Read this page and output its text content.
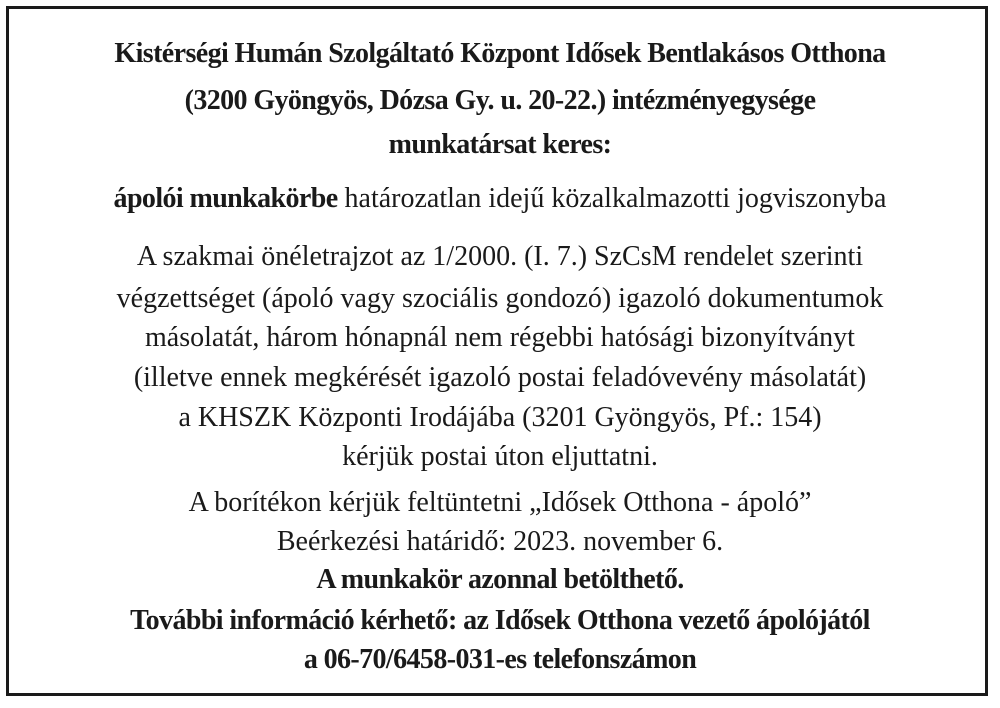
Kistérségi Humán Szolgáltató Központ Idősek Bentlakásos Otthona
(3200 Gyöngyös, Dózsa Gy. u. 20-22.) intézményegysége
munkatársat keres:
ápolói munkakörbe határozatlan idejű közalkalmazotti jogviszonyba
A szakmai önéletrajzot az 1/2000. (I. 7.) SzCsM rendelet szerinti
végzettséget (ápoló vagy szociális gondozó) igazoló dokumentumok
másolatát, három hónapnál nem régebbi hatósági bizonyítványt
(illetve ennek megkérését igazoló postai feladóvevény másolatát)
a KHSZK Központi Irodájába (3201 Gyöngyös, Pf.: 154)
kérjük postai úton eljuttatni.
A borítékon kérjük feltüntetni „Idősek Otthona - ápoló”
Beérkezési határidő: 2023. november 6.
A munkakör azonnal betölthető.
További információ kérhető: az Idősek Otthona vezető ápolójától
a 06-70/6458-031-es telefonszámon
